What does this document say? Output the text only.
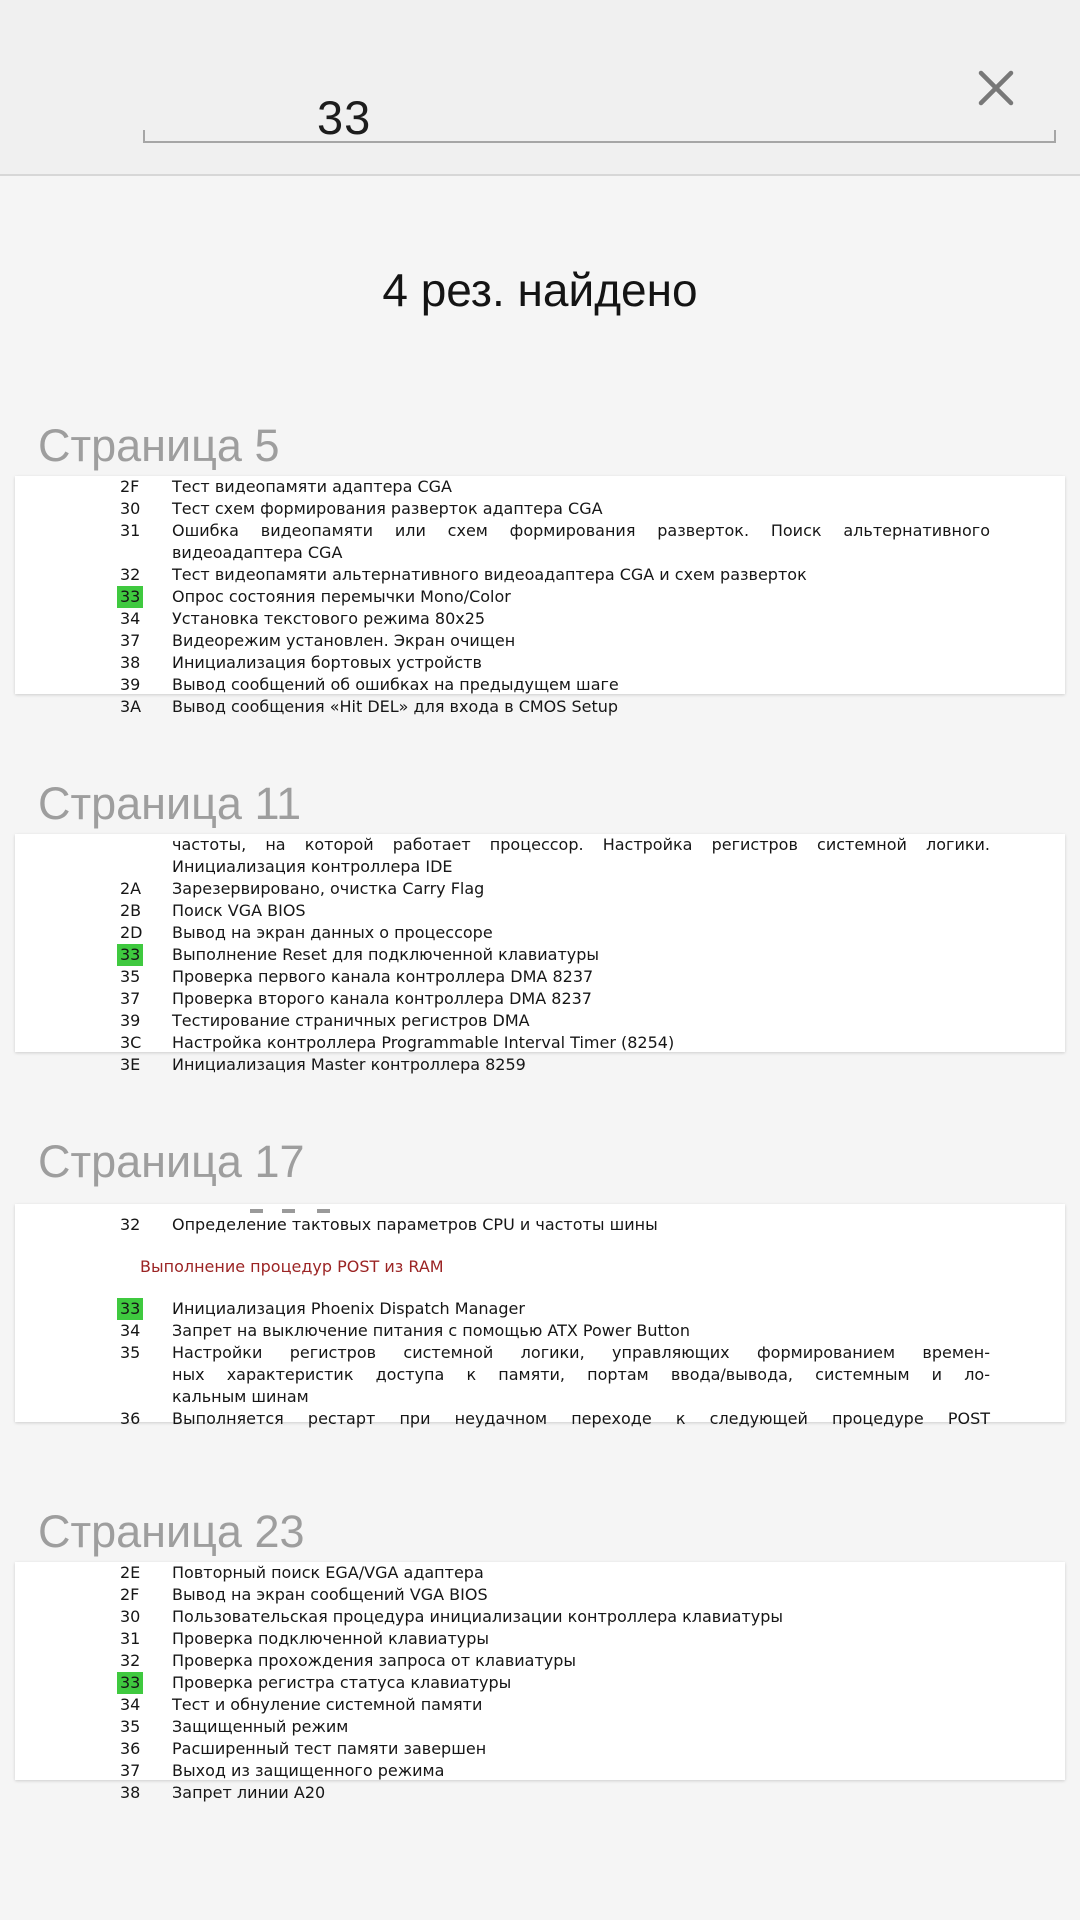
33
4 рез. найдено
Страница 5
2F Тест видеопамяти адаптера CGA
30 Тест схем формирования разверток адаптера CGA
31 Ошибка видеопамяти или схем формирования разверток. Поиск альтернативного
видеоадаптера CGA
32 Тест видеопамяти альтернативного видеоадаптера CGA и схем разверток
33 Опрос состояния перемычки Mono/Color
34 Установка текстового режима 80x25
37 Видеорежим установлен. Экран очищен
38 Инициализация бортовых устройств
39 Вывод сообщений об ошибках на предыдущем шаге
3A Вывод сообщения «Hit DEL» для входа в CMOS Setup
Страница 11
частоты, на которой работает процессор. Настройка регистров системной логики.
Инициализация контроллера IDE
2A Зарезервировано, очистка Carry Flag
2B Поиск VGA BIOS
2D Вывод на экран данных о процессоре
33 Выполнение Reset для подключенной клавиатуры
35 Проверка первого канала контроллера DMA 8237
37 Проверка второго канала контроллера DMA 8237
39 Тестирование страничных регистров DMA
3C Настройка контроллера Programmable Interval Timer (8254)
3E Инициализация Master контроллера 8259
Страница 17
32 Определение тактовых параметров CPU и частоты шины
Выполнение процедур POST из RAM
33 Инициализация Phoenix Dispatch Manager
34 Запрет на выключение питания с помощью ATX Power Button
35 Настройки регистров системной логики, управляющих формированием времен-
ных характеристик доступа к памяти, портам ввода/вывода, системным и ло-
кальным шинам
36 Выполняется рестарт при неудачном переходе к следующей процедуре POST
Страница 23
2E Повторный поиск EGA/VGA адаптера
2F Вывод на экран сообщений VGA BIOS
30 Пользовательская процедура инициализации контроллера клавиатуры
31 Проверка подключенной клавиатуры
32 Проверка прохождения запроса от клавиатуры
33 Проверка регистра статуса клавиатуры
34 Тест и обнуление системной памяти
35 Защищенный режим
36 Расширенный тест памяти завершен
37 Выход из защищенного режима
38 Запрет линии A20
